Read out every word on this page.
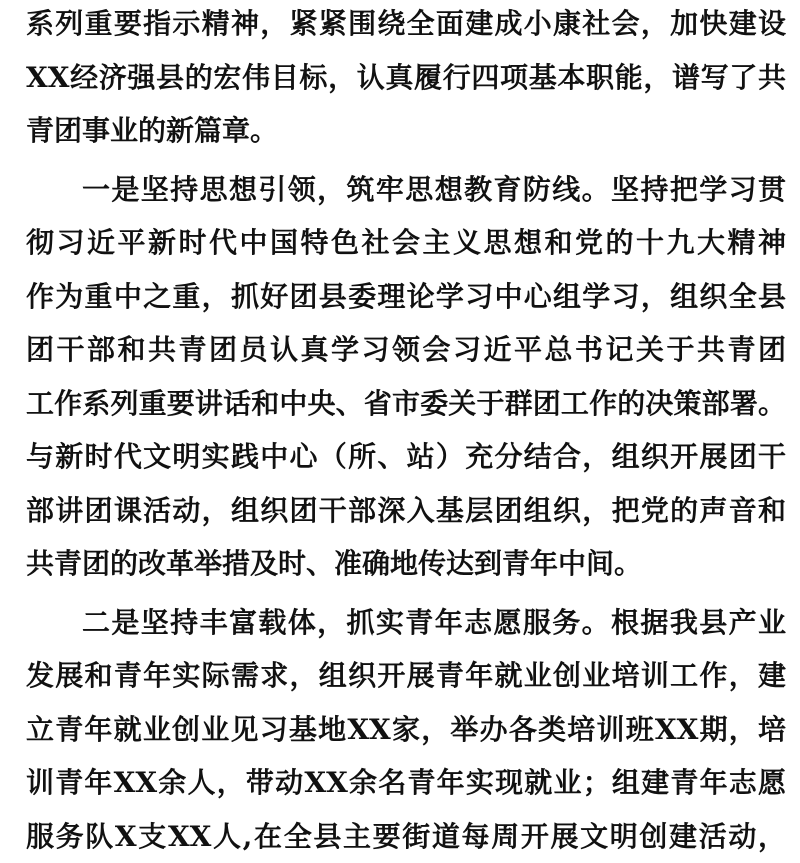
系列重要指示精神，紧紧围绕全面建成小康社会，加快建设
XX经济强县的宏伟目标，认真履行四项基本职能，谱写了共
青团事业的新篇章。
一是坚持思想引领，筑牢思想教育防线。坚持把学习贯
彻习近平新时代中国特色社会主义思想和党的十九大精神
作为重中之重，抓好团县委理论学习中心组学习，组织全县
团干部和共青团员认真学习领会习近平总书记关于共青团
工作系列重要讲话和中央、省市委关于群团工作的决策部署。
与新时代文明实践中心（所、站）充分结合，组织开展团干
部讲团课活动，组织团干部深入基层团组织，把党的声音和
共青团的改革举措及时、准确地传达到青年中间。
二是坚持丰富载体，抓实青年志愿服务。根据我县产业
发展和青年实际需求，组织开展青年就业创业培训工作，建
立青年就业创业见习基地XX家，举办各类培训班XX期，培
训青年XX余人，带动XX余名青年实现就业；组建青年志愿
服务队X支XX人,在全县主要街道每周开展文明创建活动，
